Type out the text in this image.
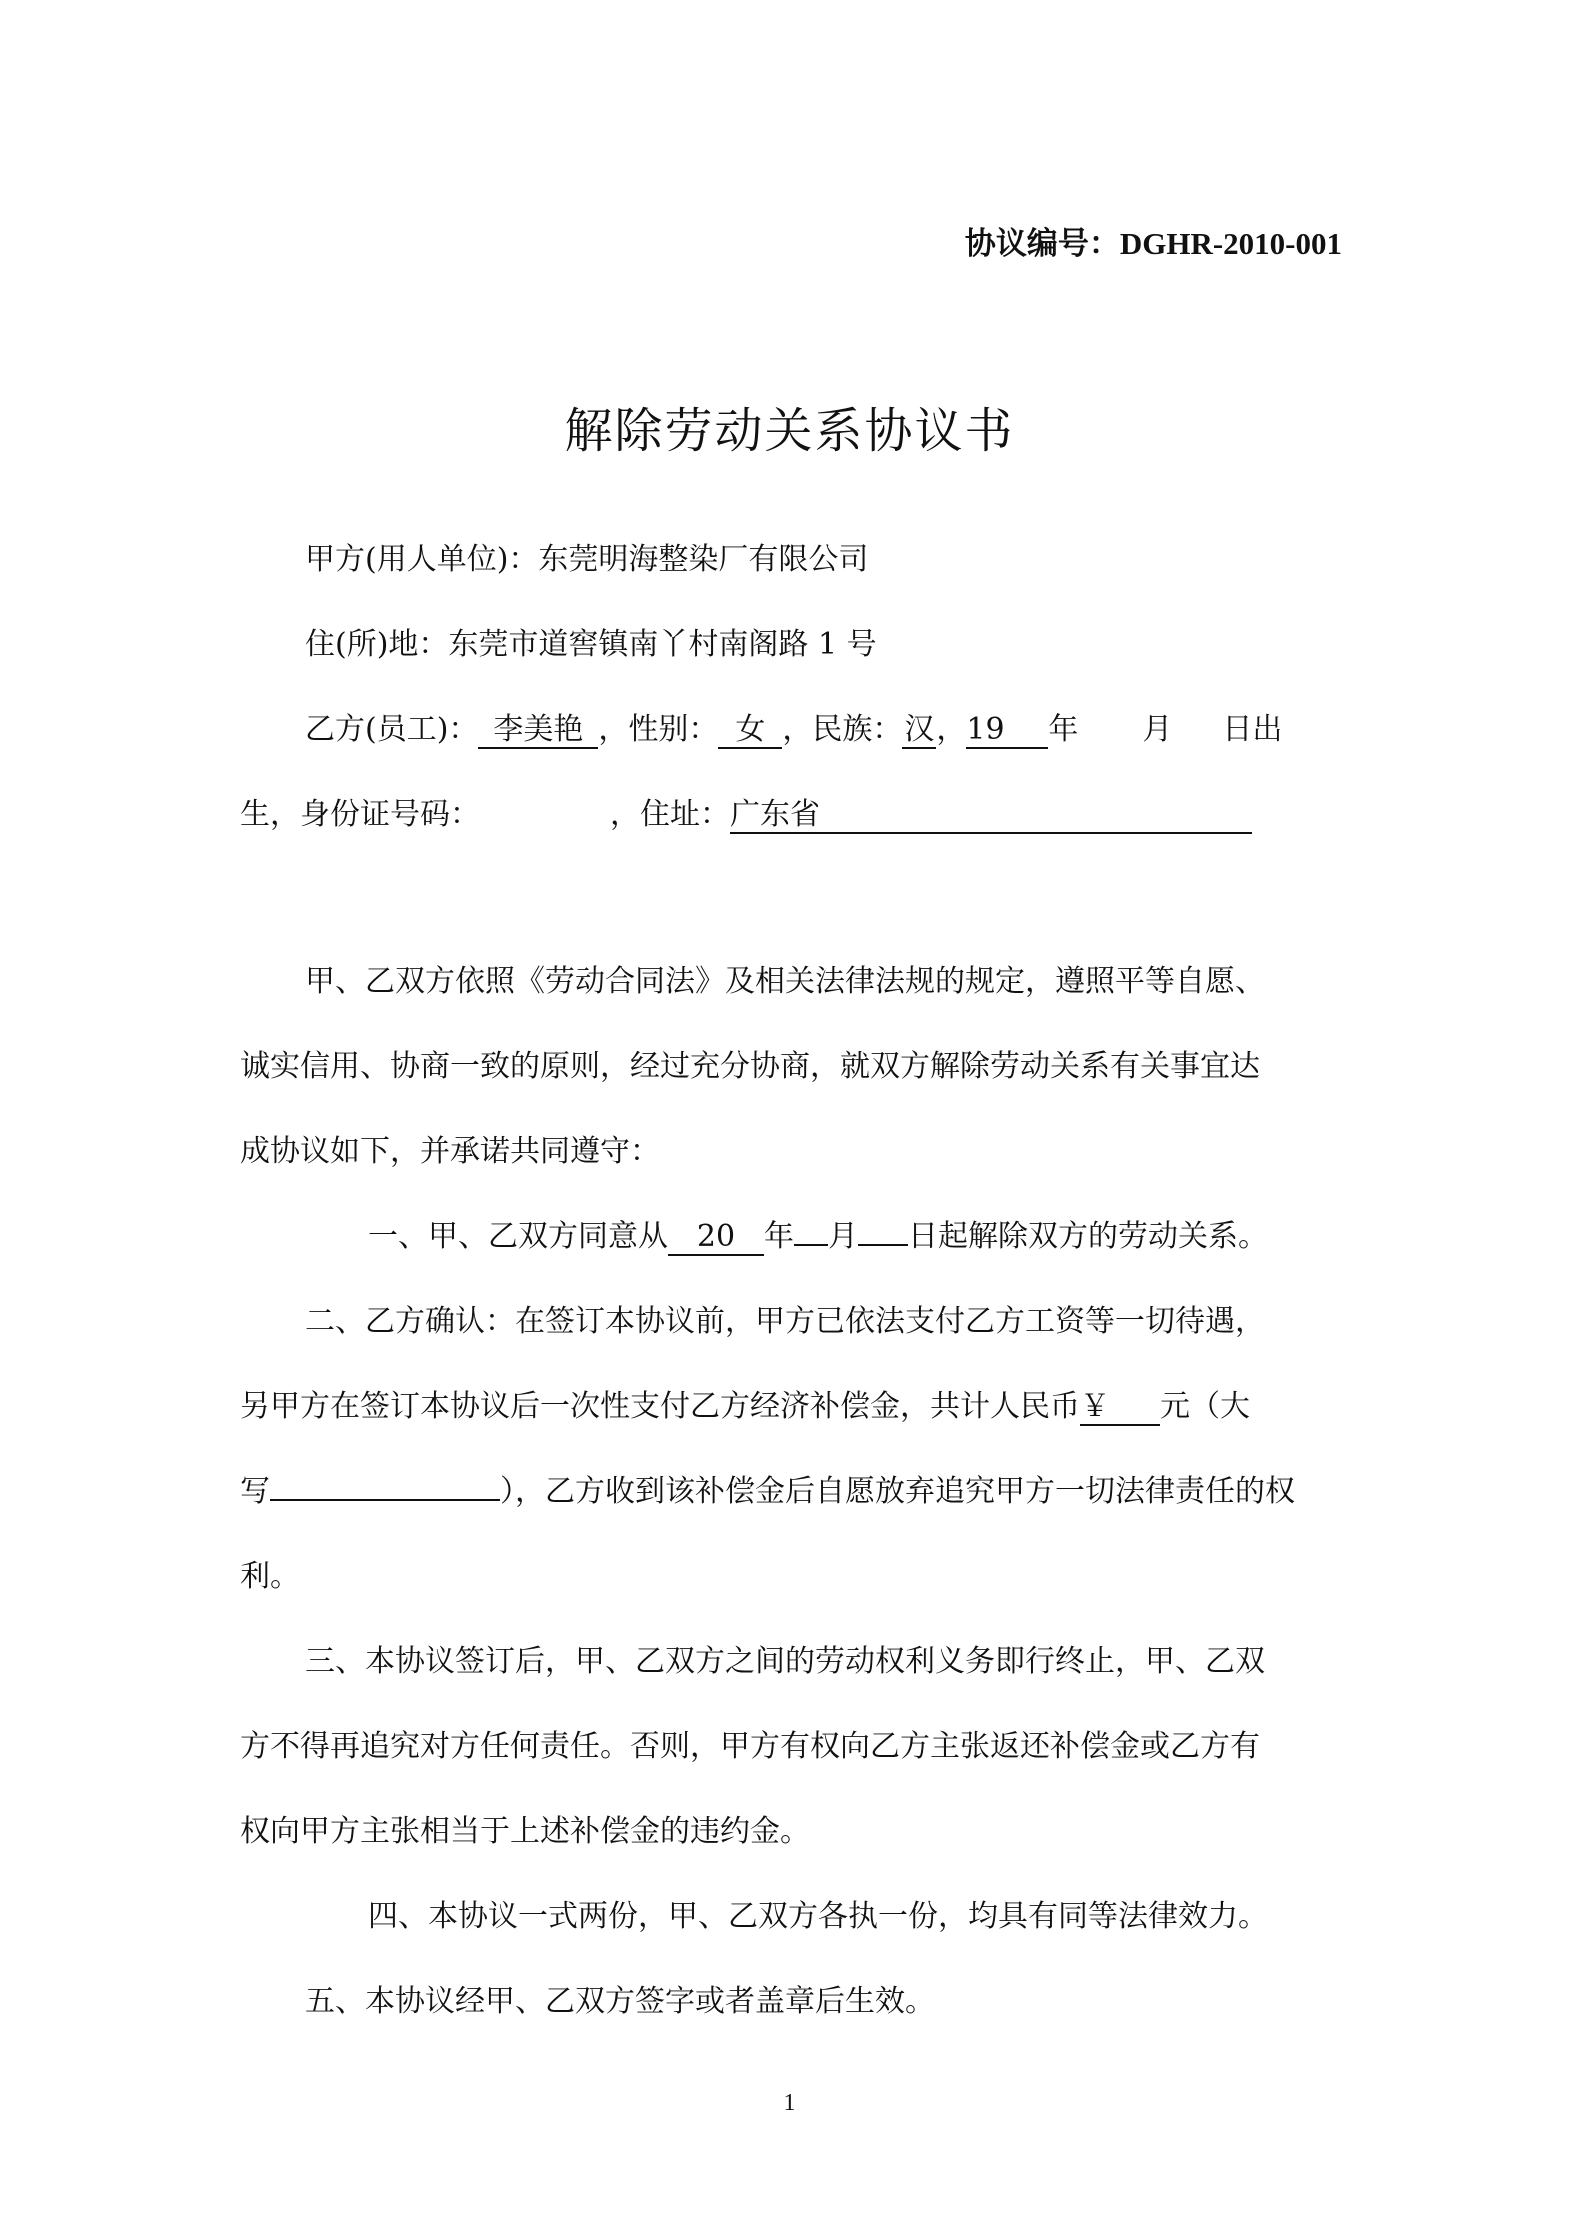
协议编号：DGHR-2010-001
解除劳动关系协议书
甲方(用人单位)：东莞明海整染厂有限公司
住(所)地：东莞市道窖镇南丫村南阁路 1 号
乙方(员工)： 李美艳 ，性别： 女 ，民族：汉，19 年 月 日出
生，身份证号码：	，住址：广东省
甲、乙双方依照《劳动合同法》及相关法律法规的规定，遵照平等自愿、
诚实信用、协商一致的原则，经过充分协商，就双方解除劳动关系有关事宜达
成协议如下，并承诺共同遵守：
一、甲、乙双方同意从 20 年 月 日起解除双方的劳动关系。
二、乙方确认：在签订本协议前，甲方已依法支付乙方工资等一切待遇，
另甲方在签订本协议后一次性支付乙方经济补偿金，共计人民币￥ 元（大
写	），乙方收到该补偿金后自愿放弃追究甲方一切法律责任的权
利。
三、本协议签订后，甲、乙双方之间的劳动权利义务即行终止，甲、乙双
方不得再追究对方任何责任。否则，甲方有权向乙方主张返还补偿金或乙方有
权向甲方主张相当于上述补偿金的违约金。
四、本协议一式两份，甲、乙双方各执一份，均具有同等法律效力。
五、本协议经甲、乙双方签字或者盖章后生效。
1
